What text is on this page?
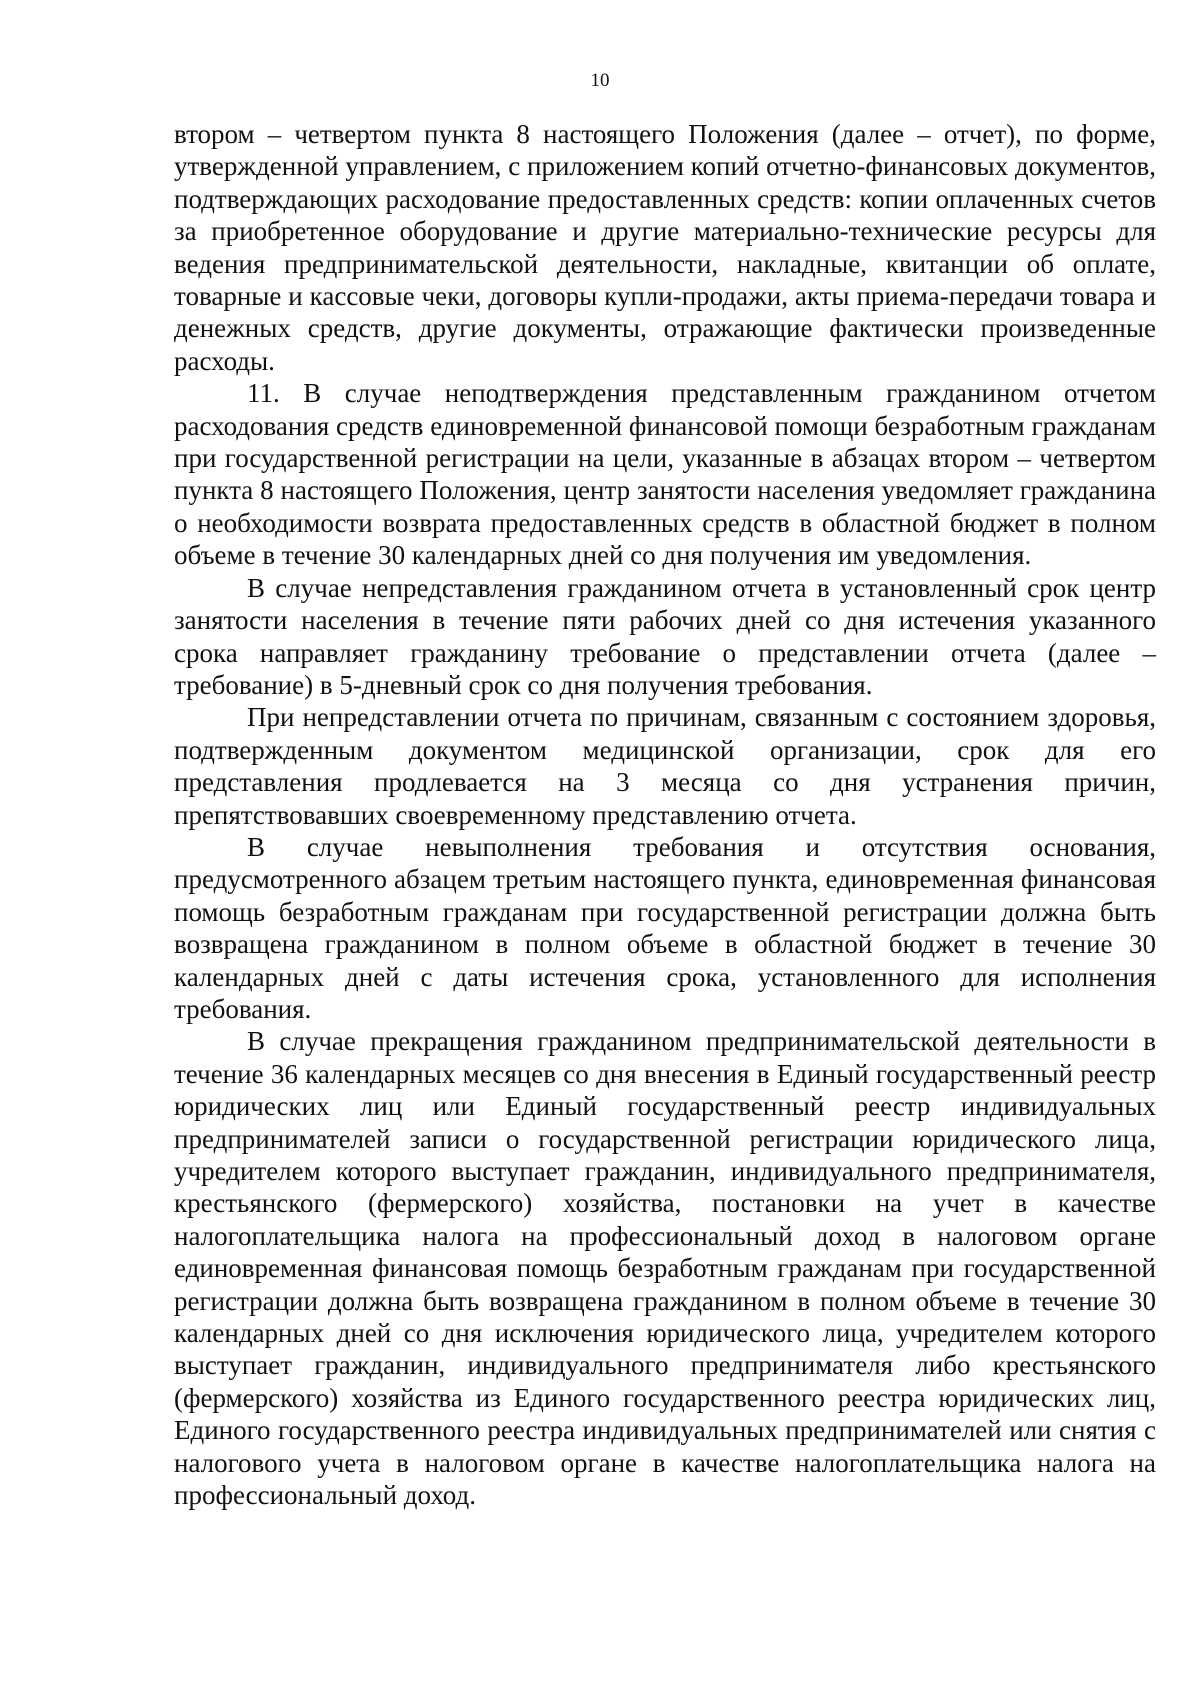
10

втором – четвертом пункта 8 настоящего Положения (далее – отчет), по форме, утвержденной управлением, с приложением копий отчетно-финансовых документов, подтверждающих расходование предоставленных средств: копии оплаченных счетов за приобретенное оборудование и другие материально-технические ресурсы для ведения предпринимательской деятельности, накладные, квитанции об оплате, товарные и кассовые чеки, договоры купли-продажи, акты приема-передачи товара и денежных средств, другие документы, отражающие фактически произведенные расходы.

11. В случае неподтверждения представленным гражданином отчетом расходования средств единовременной финансовой помощи безработным гражданам при государственной регистрации на цели, указанные в абзацах втором – четвертом пункта 8 настоящего Положения, центр занятости населения уведомляет гражданина о необходимости возврата предоставленных средств в областной бюджет в полном объеме в течение 30 календарных дней со дня получения им уведомления.

В случае непредставления гражданином отчета в установленный срок центр занятости населения в течение пяти рабочих дней со дня истечения указанного срока направляет гражданину требование о представлении отчета (далее – требование) в 5-дневный срок со дня получения требования.

При непредставлении отчета по причинам, связанным с состоянием здоровья, подтвержденным документом медицинской организации, срок для его представления продлевается на 3 месяца со дня устранения причин, препятствовавших своевременному представлению отчета.

В случае невыполнения требования и отсутствия основания, предусмотренного абзацем третьим настоящего пункта, единовременная финансовая помощь безработным гражданам при государственной регистрации должна быть возвращена гражданином в полном объеме в областной бюджет в течение 30 календарных дней с даты истечения срока, установленного для исполнения требования.

В случае прекращения гражданином предпринимательской деятельности в течение 36 календарных месяцев со дня внесения в Единый государственный реестр юридических лиц или Единый государственный реестр индивидуальных предпринимателей записи о государственной регистрации юридического лица, учредителем которого выступает гражданин, индивидуального предпринимателя, крестьянского (фермерского) хозяйства, постановки на учет в качестве налогоплательщика налога на профессиональный доход в налоговом органе единовременная финансовая помощь безработным гражданам при государственной регистрации должна быть возвращена гражданином в полном объеме в течение 30 календарных дней со дня исключения юридического лица, учредителем которого выступает гражданин, индивидуального предпринимателя либо крестьянского (фермерского) хозяйства из Единого государственного реестра юридических лиц, Единого государственного реестра индивидуальных предпринимателей или снятия с налогового учета в налоговом органе в качестве налогоплательщика налога на профессиональный доход.
